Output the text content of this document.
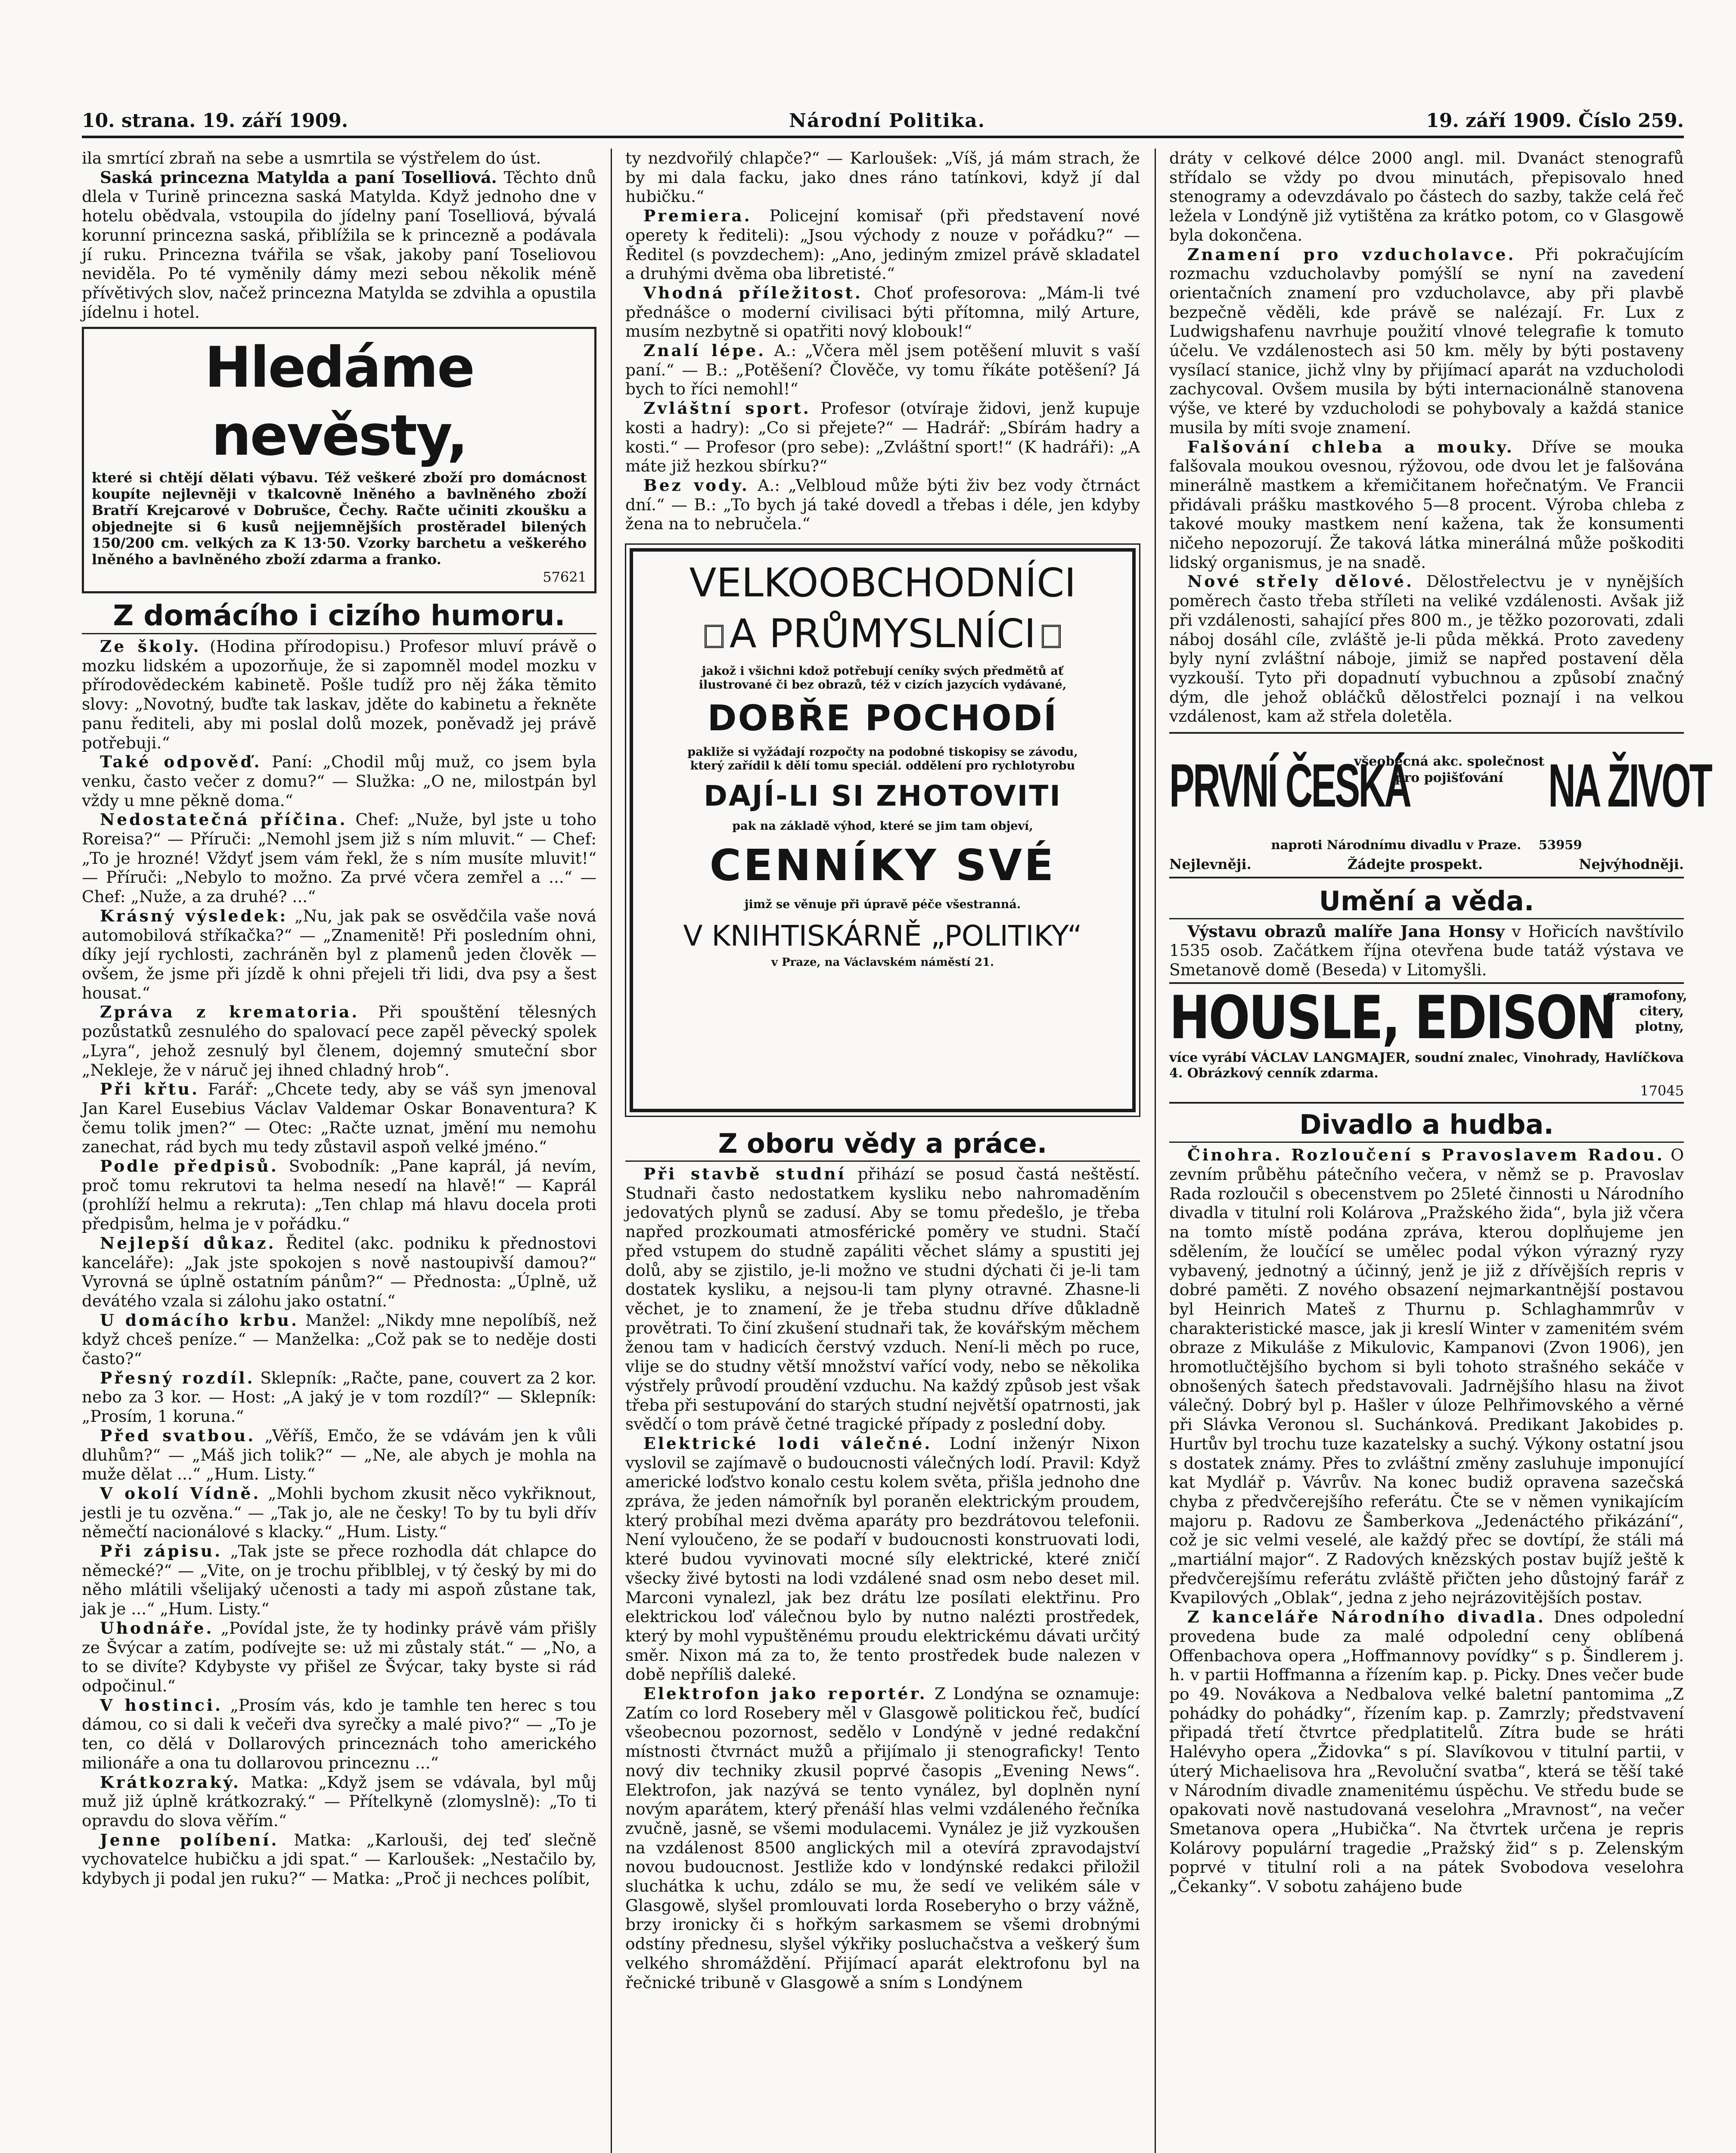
10. strana. 19. září 1909.	Národní Politika.	19. září 1909. Číslo 259.

ila smrtící zbraň na sebe a usmrtila se výstřelem do úst.

Saská princezna Matylda a paní Toselliová. Těchto dnů dlela v Turině princezna saská Matylda. Když jednoho dne v hotelu obědvala, vstoupila do jídelny paní Toselliová, bývalá korunní princezna saská, přiblížila se k princezně a podávala jí ruku. Princezna tvářila se však, jakoby paní Toseliovou neviděla. Po té vyměnily dámy mezi sebou několik méně přívětivých slov, načež princezna Matylda se zdvihla a opustila jídelnu i hotel.

Hledáme nevěsty,
které si chtějí dělati výbavu. Též veškeré zboží pro domácnost koupíte nejlevněji v tkalcovně lněného a bavlněného zboží Bratří Krejcarové v Dobrušce, Čechy. Račte učiniti zkoušku a objednejte si 6 kusů nejjemnějších prostěradel bilených 150/200 cm. velkých za K 13·50. Vzorky barchetu a veškerého lněného a bavlněného zboží zdarma a franko.
57621
Z domácího i cizího humoru.

Ze školy. (Hodina přírodopisu.) Profesor mluví právě o mozku lidském a upozorňuje, že si zapomněl model mozku v přírodovědeckém kabinetě. Pošle tudíž pro něj žáka těmito slovy: „Novotný, buďte tak laskav, jděte do kabinetu a řekněte panu řediteli, aby mi poslal dolů mozek, poněvadž jej právě potřebuji.“

Také odpověď. Paní: „Chodil můj muž, co jsem byla venku, často večer z domu?“ — Služka: „O ne, milostpán byl vždy u mne pěkně doma.“

Nedostatečná příčina. Chef: „Nuže, byl jste u toho Roreisa?“ — Příruči: „Nemohl jsem již s ním mluvit.“ — Chef: „To je hrozné! Vždyť jsem vám řekl, že s ním musíte mluvit!“ — Příruči: „Nebylo to možno. Za prvé včera zemřel a ...“ — Chef: „Nuže, a za druhé? ...“

Krásný výsledek: „Nu, jak pak se osvědčila vaše nová automobilová stříkačka?“ — „Znamenitě! Při posledním ohni, díky její rychlosti, zachráněn byl z plamenů jeden člověk — ovšem, že jsme při jízdě k ohni přejeli tři lidi, dva psy a šest housat.“

Zpráva z krematoria. Při spouštění tělesných pozůstatků zesnulého do spalovací pece zapěl pěvecký spolek „Lyra“, jehož zesnulý byl členem, dojemný smuteční sbor „Nekleje, že v náruč jej ihned chladný hrob“.

Při křtu. Farář: „Chcete tedy, aby se váš syn jmenoval Jan Karel Eusebius Václav Valdemar Oskar Bonaventura? K čemu tolik jmen?“ — Otec: „Račte uznat, jmění mu nemohu zanechat, rád bych mu tedy zůstavil aspoň velké jméno.“

Podle předpisů. Svobodník: „Pane kaprál, já nevím, proč tomu rekrutovi ta helma nesedí na hlavě!“ — Kaprál (prohlíží helmu a rekruta): „Ten chlap má hlavu docela proti předpisům, helma je v pořádku.“

Nejlepší důkaz. Ředitel (akc. podniku k přednostovi kanceláře): „Jak jste spokojen s nově nastoupivší damou?“ Vyrovná se úplně ostatním pánům?“ — Přednosta: „Úplně, už devátého vzala si zálohu jako ostatní.“

U domácího krbu. Manžel: „Nikdy mne nepolíbíš, než když chceš peníze.“ — Manželka: „Což pak se to neděje dosti často?“

Přesný rozdíl. Sklepník: „Račte, pane, couvert za 2 kor. nebo za 3 kor. — Host: „A jaký je v tom rozdíl?“ — Sklepník: „Prosím, 1 koruna.“

Před svatbou. „Věříš, Emčo, že se vdávám jen k vůli dluhům?“ — „Máš jich tolik?“ — „Ne, ale abych je mohla na muže dělat ...“ „Hum. Listy.“

V okolí Vídně. „Mohli bychom zkusit něco vykřiknout, jestli je tu ozvěna.“ — „Tak jo, ale ne česky! To by tu byli dřív němečtí nacionálové s klacky.“ „Hum. Listy.“

Při zápisu. „Tak jste se přece rozhodla dát chlapce do německé?“ — „Vite, on je trochu přiblblej, v tý český by mi do něho mlátili všelijaký učenosti a tady mi aspoň zůstane tak, jak je ...“ „Hum. Listy.“

Uhodnáře. „Povídal jste, že ty hodinky právě vám přišly ze Švýcar a zatím, podívejte se: už mi zůstaly stát.“ — „No, a to se divíte? Kdybyste vy přišel ze Švýcar, taky byste si rád odpočinul.“

V hostinci. „Prosím vás, kdo je tamhle ten herec s tou dámou, co si dali k večeři dva syrečky a malé pivo?“ — „To je ten, co dělá v Dollarových princeznách toho amerického milionáře a ona tu dollarovou princeznu ...“

Krátkozraký. Matka: „Když jsem se vdávala, byl můj muž již úplně krátkozraký.“ — Přítelkyně (zlomyslně): „To ti opravdu do slova věřím.“

Jenne políbení. Matka: „Karlouši, dej teď slečně vychovatelce hubičku a jdi spat.“ — Karloušek: „Nestačilo by, kdybych ji podal jen ruku?“ — Matka: „Proč ji nechces políbit,

ty nezdvořilý chlapče?“ — Karloušek: „Víš, já mám strach, že by mi dala facku, jako dnes ráno tatínkovi, když jí dal hubičku.“

Premiera. Policejní komisař (při představení nové operety k řediteli): „Jsou východy z nouze v pořádku?“ — Ředitel (s povzdechem): „Ano, jediným zmizel právě skladatel a druhými dvěma oba libretisté.“

Vhodná příležitost. Choť profesorova: „Mám-li tvé přednášce o moderní civilisaci býti přítomna, milý Arture, musím nezbytně si opatřiti nový klobouk!“

Znalí lépe. A.: „Včera měl jsem potěšení mluvit s vaší paní.“ — B.: „Potěšení? Člověče, vy tomu říkáte potěšení? Já bych to říci nemohl!“

Zvláštní sport. Profesor (otvíraje židovi, jenž kupuje kosti a hadry): „Co si přejete?“ — Hadrář: „Sbírám hadry a kosti.“ — Profesor (pro sebe): „Zvláštní sport!“ (K hadráři): „A máte již hezkou sbírku?“

Bez vody. A.: „Velbloud může býti živ bez vody čtrnáct dní.“ — B.: „To bych já také dovedl a třebas i déle, jen kdyby žena na to nebručela.“

VELKOOBCHODNÍCI
A PRŮMYSLNÍCI
jakož i všichni kdož potřebují ceníky svých předmětů ať ilustrované či bez obrazů, též v cizích jazycích vydávané,
DOBŘE POCHODÍ
pakliže si vyžádají rozpočty na podobné tiskopisy se závodu, který zařídil k dělí tomu speciál. oddělení pro rychlotyrobu
DAJÍ-LI SI ZHOTOVITI
pak na základě výhod, které se jim tam objeví,
CENNÍKY SVÉ
jimž se věnuje při úpravě péče všestranná.
V KNIHTISKÁRNĚ „POLITIKY“
v Praze, na Václavském náměstí 21.
Z oboru vědy a práce.

Při stavbě studní přihází se posud častá neštěstí. Studnaři často nedostatkem kysliku nebo nahromaděním jedovatých plynů se zadusí. Aby se tomu předešlo, je třeba napřed prozkoumati atmosférické poměry ve studni. Stačí před vstupem do studně zapáliti věchet slámy a spustiti jej dolů, aby se zjistilo, je-li možno ve studni dýchati či je-li tam dostatek kysliku, a nejsou-li tam plyny otravné. Zhasne-li věchet, je to znamení, že je třeba studnu dříve důkladně provětrati. To činí zkušení studnaři tak, že kovářským měchem ženou tam v hadicích čerstvý vzduch. Není-li měch po ruce, vlije se do studny větší množství vařící vody, nebo se několika výstřely průvodí proudění vzduchu. Na každý způsob jest však třeba při sestupování do starých studní největší opatrnosti, jak svědčí o tom právě četné tragické případy z poslední doby.

Elektrické lodi válečné. Lodní inženýr Nixon vyslovil se zajímavě o budoucnosti válečných lodí. Pravil: Když americké loďstvo konalo cestu kolem světa, přišla jednoho dne zpráva, že jeden námořník byl poraněn elektrickým proudem, který probíhal mezi dvěma aparáty pro bezdrátovou telefonii. Není vyloučeno, že se podaří v budoucnosti konstruovati lodi, které budou vyvinovati mocné síly elektrické, které zničí všecky živé bytosti na lodi vzdálené snad osm nebo deset mil. Marconi vynalezl, jak bez drátu lze posílati elektřinu. Pro elektrickou loď válečnou bylo by nutno nalézti prostředek, který by mohl vypuštěnému proudu elektrickému dávati určitý směr. Nixon má za to, že tento prostředek bude nalezen v době nepříliš daleké.

Elektrofon jako reportér. Z Londýna se oznamuje: Zatím co lord Rosebery měl v Glasgowě politickou řeč, budící všeobecnou pozornost, sedělo v Londýně v jedné redakční místnosti čtvrnáct mužů a přijímalo ji stenograficky! Tento nový div techniky zkusil poprvé časopis „Evening News“. Elektrofon, jak nazývá se tento vynález, byl doplněn nyní novým aparátem, který přenáší hlas velmi vzdáleného řečníka zvučně, jasně, se všemi modulacemi. Vynález je již vyzkoušen na vzdálenost 8500 anglických mil a otevírá zpravodajství novou budoucnost. Jestliže kdo v londýnské redakci přiložil sluchátka k uchu, zdálo se mu, že sedí ve velikém sále v Glasgowě, slyšel promlouvati lorda Roseberyho o brzy vážně, brzy ironicky či s hořkým sarkasmem se všemi drobnými odstíny přednesu, slyšel výkřiky posluchačstva a veškerý šum velkého shromáždění. Přijímací aparát elektrofonu byl na řečnické tribuně v Glasgowě a sním s Londýnem

dráty v celkové délce 2000 angl. mil. Dvanáct stenografů střídalo se vždy po dvou minutách, přepisovalo hned stenogramy a odevzdávalo po částech do sazby, takže celá řeč ležela v Londýně již vytištěna za krátko potom, co v Glasgowě byla dokončena.

Znamení pro vzducholavce. Při pokračujícím rozmachu vzducholavby pomýšlí se nyní na zavedení orientačních znamení pro vzducholavce, aby při plavbě bezpečně věděli, kde právě se nalézají. Fr. Lux z Ludwigshafenu navrhuje použití vlnové telegrafie k tomuto účelu. Ve vzdálenostech asi 50 km. měly by býti postaveny vysílací stanice, jichž vlny by přijímací aparát na vzducholodi zachycoval. Ovšem musila by býti internacionálně stanovena výše, ve které by vzducholodi se pohybovaly a každá stanice musila by míti svoje znamení.

Falšování chleba a mouky. Dříve se mouka falšovala moukou ovesnou, rýžovou, ode dvou let je falšována minerálně mastkem a křemičitanem hořečnatým. Ve Francii přidávali prášku mastkového 5—8 procent. Výroba chleba z takové mouky mastkem není kažena, tak že konsumenti ničeho nepozorují. Že taková látka minerálná může poškoditi lidský organismus, je na snadě.

Nové střely dělové. Dělostřelectvu je v nynějších poměrech často třeba stříleti na veliké vzdálenosti. Avšak již při vzdálenosti, sahající přes 800 m., je těžko pozorovati, zdali náboj dosáhl cíle, zvláště je-li půda měkká. Proto zavedeny byly nyní zvláštní náboje, jimiž se napřed postavení děla vyzkouší. Tyto při dopadnutí vybuchnou a způsobí značný dým, dle jehož obláčků dělostřelci poznají i na velkou vzdálenost, kam až střela doletěla.

PRVNÍ ČESKÁ
všeobecná akc. společnost pro pojišťování NA ŽIVOT
naproti Národnímu divadlu v Praze. 53959
Nejlevněji.	Žádejte prospekt.	Nejvýhodněji.
Umění a věda.

Výstavu obrazů malíře Jana Honsy v Hořicích navštívilo 1535 osob. Začátkem října otevřena bude tatáž výstava ve Smetanově domě (Beseda) v Litomyšli.

HOUSLE, EDISON
gramofony, citery, plotny,
více vyrábí VÁCLAV LANGMAJER, soudní znalec, Vinohrady, Havlíčkova 4. Obrázkový cenník zdarma.
17045
Divadlo a hudba.

Činohra. Rozloučení s Pravoslavem Radou. O zevním průběhu pátečního večera, v němž se p. Pravoslav Rada rozloučil s obecenstvem po 25leté činnosti u Národního divadla v titulní roli Kolárova „Pražského žida“, byla již včera na tomto místě podána zpráva, kterou doplňujeme jen sdělením, že loučící se umělec podal výkon výrazný ryzy vybavený, jednotný a účinný, jenž je již z dřívějších repris v dobré paměti. Z nového obsazení nejmarkantnější postavou byl Heinrich Mateš z Thurnu p. Schlaghammrův v charakteristické masce, jak ji kreslí Winter v zamenitém svém obraze z Mikuláše z Mikulovic, Kampanovi (Zvon 1906), jen hromotlučtějšího bychom si byli tohoto strašného sekáče v obnošených šatech představovali. Jadrnějšího hlasu na život válečný. Dobrý byl p. Hašler v úloze Pelhřimovského a věrné při Slávka Veronou sl. Suchánková. Predikant Jakobides p. Hurtův byl trochu tuze kazatelsky a suchý. Výkony ostatní jsou s dostatek známy. Přes to zvláštní změny zasluhuje imponující kat Mydlář p. Vávrův. Na konec budiž opravena sazečská chyba z předvčerejšího referátu. Čte se v němen vynikajícím majoru p. Radovu ze Šamberkova „Jedenáctého přikázání“, což je sic velmi veselé, ale každý přec se dovtípí, že stáli má „martiální major“. Z Radových knězských postav bujíž ještě k předvčerejšímu referátu zvláště přičten jeho důstojný farář z Kvapilových „Oblak“, jedna z jeho nejrázovitějších postav.

Z kanceláře Národního divadla. Dnes odpolední provedena bude za malé odpolední ceny oblíbená Offenbachova opera „Hoffmannovy povídky“ s p. Šindlerem j. h. v partii Hoffmanna a řízením kap. p. Picky. Dnes večer bude po 49. Novákova a Nedbalova velké baletní pantomima „Z pohádky do pohádky“, řízením kap. p. Zamrzly; předstvavení připadá třetí čtvrtce předplatitelů. Zítra bude se hráti Halévyho opera „Židovka“ s pí. Slavíkovou v titulní partii, v úterý Michaelisova hra „Revoluční svatba“, která se těší také v Národním divadle znamenitému úspěchu. Ve středu bude se opakovati nově nastudovaná veselohra „Mravnost“, na večer Smetanova opera „Hubička“. Na čtvrtek určena je repris Kolárovy populární tragedie „Pražský žid“ s p. Zelenským poprvé v titulní roli a na pátek Svobodova veselohra „Čekanky“. V sobotu zahájeno bude
